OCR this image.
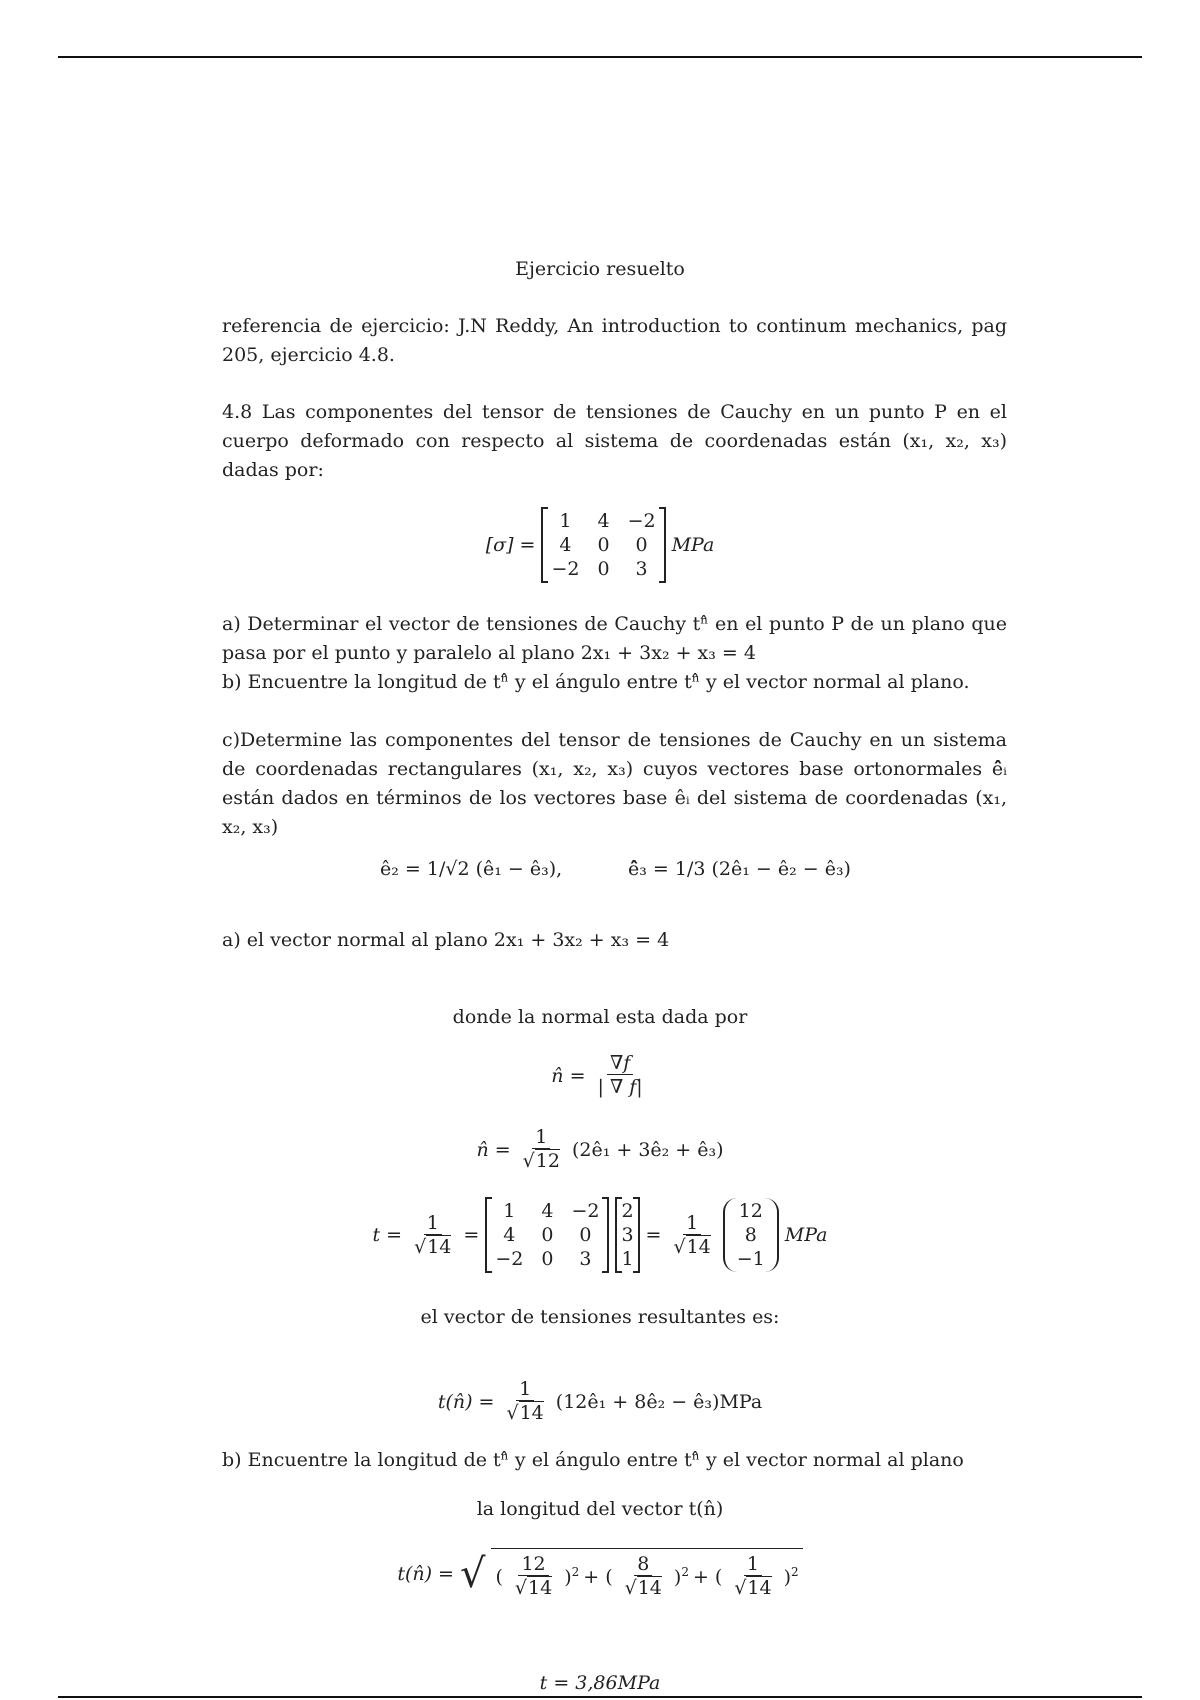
Ejercicio resuelto
referencia de ejercicio: J.N Reddy, An introduction to continum mechanics, pag 205, ejercicio 4.8.
4.8 Las componentes del tensor de tensiones de Cauchy en un punto P en el cuerpo deformado con respecto al sistema de coordenadas están (x₁, x₂, x₃) dadas por:
[σ] =
1	4 −2
4	0	0
−2 0	3
MPa
a) Determinar el vector de tensiones de Cauchy tⁿ̂ en el punto P de un plano que pasa por el punto y paralelo al plano 2x₁ + 3x₂ + x₃ = 4
b) Encuentre la longitud de tⁿ̂ y el ángulo entre tⁿ̂ y el vector normal al plano.
c)Determine las componentes del tensor de tensiones de Cauchy en un sistema de coordenadas rectangulares (x₁, x₂, x₃) cuyos vectores base ortonormales ê̂ᵢ están dados en términos de los vectores base êᵢ del sistema de coordenadas (x₁, x₂, x₃)
ê₂ = 1/√2 (ê₁ − ê₃),	ê̂₃ = 1/3 (2ê₁ − ê₂ − ê₃)
a) el vector normal al plano 2x₁ + 3x₂ + x₃ = 4
donde la normal esta dada por
n̂ = $\frac{\nabla f}{| \nabla f|}$
n̂ = $\frac{1}{√12}$ (2ê₁ + 3ê₂ + ê₃)
$t = \frac{1}{√14}$ =
1	4 −2
4	0	0
−2 0	3
2
3
1
= $\frac{1}{√14}$
12
8
−1
MPa
el vector de tensiones resultantes es:
t(n̂) = $\frac{1}{√14}$ (12ê₁ + 8ê₂ − ê₃)MPa
b) Encuentre la longitud de tⁿ̂ y el ángulo entre tⁿ̂ y el vector normal al plano
la longitud del vector t(n̂)
t(n̂) = √ ( $\frac{12}{√14} )^2$ + ( $\frac{8}{√14} )^2$ + ( $\frac{1}{√14} )^2$
t = 3,86MPa
